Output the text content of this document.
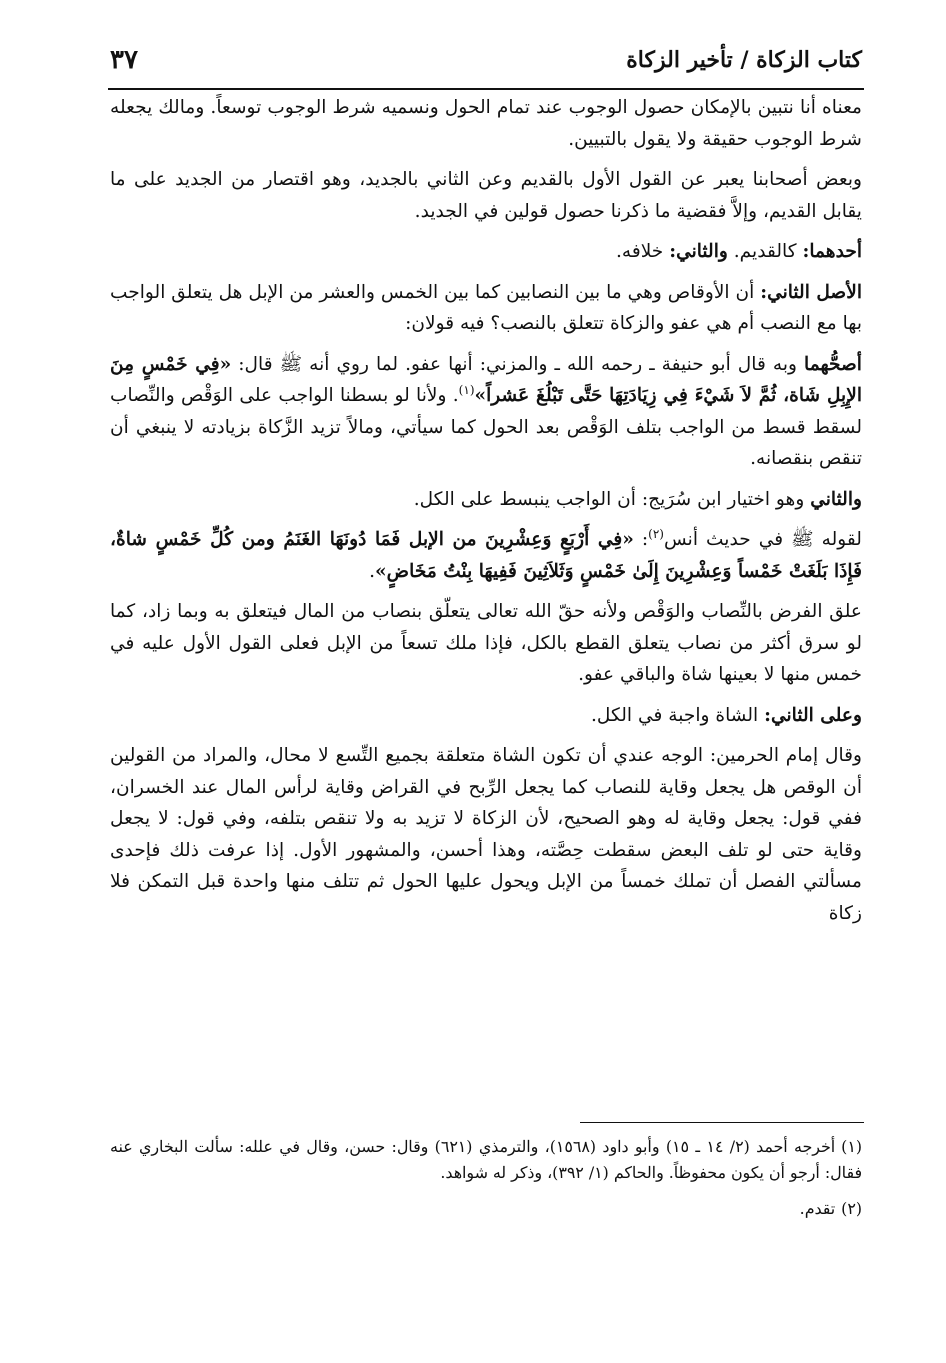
كتاب الزكاة / تأخير الزكاة
٣٧

معناه أنا نتبين بالإمكان حصول الوجوب عند تمام الحول ونسميه شرط الوجوب توسعاً. ومالك يجعله شرط الوجوب حقيقة ولا يقول بالتبيين.

وبعض أصحابنا يعبر عن القول الأول بالقديم وعن الثاني بالجديد، وهو اقتصار من الجديد على ما يقابل القديم، وإلاَّ فقضية ما ذكرنا حصول قولين في الجديد.

أحدهما: كالقديم. والثاني: خلافه.

الأصل الثاني: أن الأوقاص وهي ما بين النصابين كما بين الخمس والعشر من الإبل هل يتعلق الواجب بها مع النصب أم هي عفو والزكاة تتعلق بالنصب؟ فيه قولان:

أصحُّهما وبه قال أبو حنيفة ـ رحمه الله ـ والمزني: أنها عفو. لما روي أنه ﷺ قال: «فِي خَمْسٍ مِنَ الإِبِلِ شَاة، ثُمَّ لاَ شَيْءَ فِي زِيَادَتِهَا حَتَّى تَبْلُغَ عَشراً»$^{(١)}$. ولأنا لو بسطنا الواجب على الوَقْص والنِّصاب لسقط قسط من الواجب بتلف الوَقْص بعد الحول كما سيأتي، ومالاً تزيد الزَّكاة بزيادته لا ينبغي أن تنقص بنقصانه.

والثاني وهو اختيار ابن سُرَيج: أن الواجب ينبسط على الكل.

لقوله ﷺ في حديث أنس$^{(٢)}$: «فِي أَرْبَعٍ وَعِشْرِينَ من الإبل فَمَا دُونَهَا الغَنَمُ ومن كُلِّ خَمْسٍ شاةٌ، فَإِذَا بَلَغَتْ خَمْساً وَعِشْرِينَ إِلَىٰ خَمْسٍ وَثَلاَثِينَ فَفِيهَا بِنْتُ مَخَاضٍ».

علق الفرض بالنِّصاب والوَقْص ولأنه حقّ الله تعالى يتعلّق بنصاب من المال فيتعلق به وبما زاد، كما لو سرق أكثر من نصاب يتعلق القطع بالكل، فإذا ملك تسعاً من الإبل فعلى القول الأول عليه في خمس منها لا بعينها شاة والباقي عفو.

وعلى الثاني: الشاة واجبة في الكل.

وقال إمام الحرمين: الوجه عندي أن تكون الشاة متعلقة بجميع التِّسع لا محال، والمراد من القولين أن الوقص هل يجعل وقاية للنصاب كما يجعل الرِّبح في القراض وقاية لرأس المال عند الخسران، ففي قول: يجعل وقاية له وهو الصحيح، لأن الزكاة لا تزيد به ولا تنقص بتلفه، وفي قول: لا يجعل وقاية حتى لو تلف البعض سقطت حِصَّته، وهذا أحسن، والمشهور الأول. إذا عرفت ذلك فإحدى مسألتي الفصل أن تملك خمساً من الإبل ويحول عليها الحول ثم تتلف منها واحدة قبل التمكن فلا زكاة

(١)أخرجه أحمد (٢/ ١٤ ـ ١٥) وأبو داود (١٥٦٨)، والترمذي (٦٢١) وقال: حسن، وقال في علله: سألت البخاري عنه فقال: أرجو أن يكون محفوظاً. والحاكم (١/ ٣٩٢)، وذكر له شواهد.

(٢)تقدم.
